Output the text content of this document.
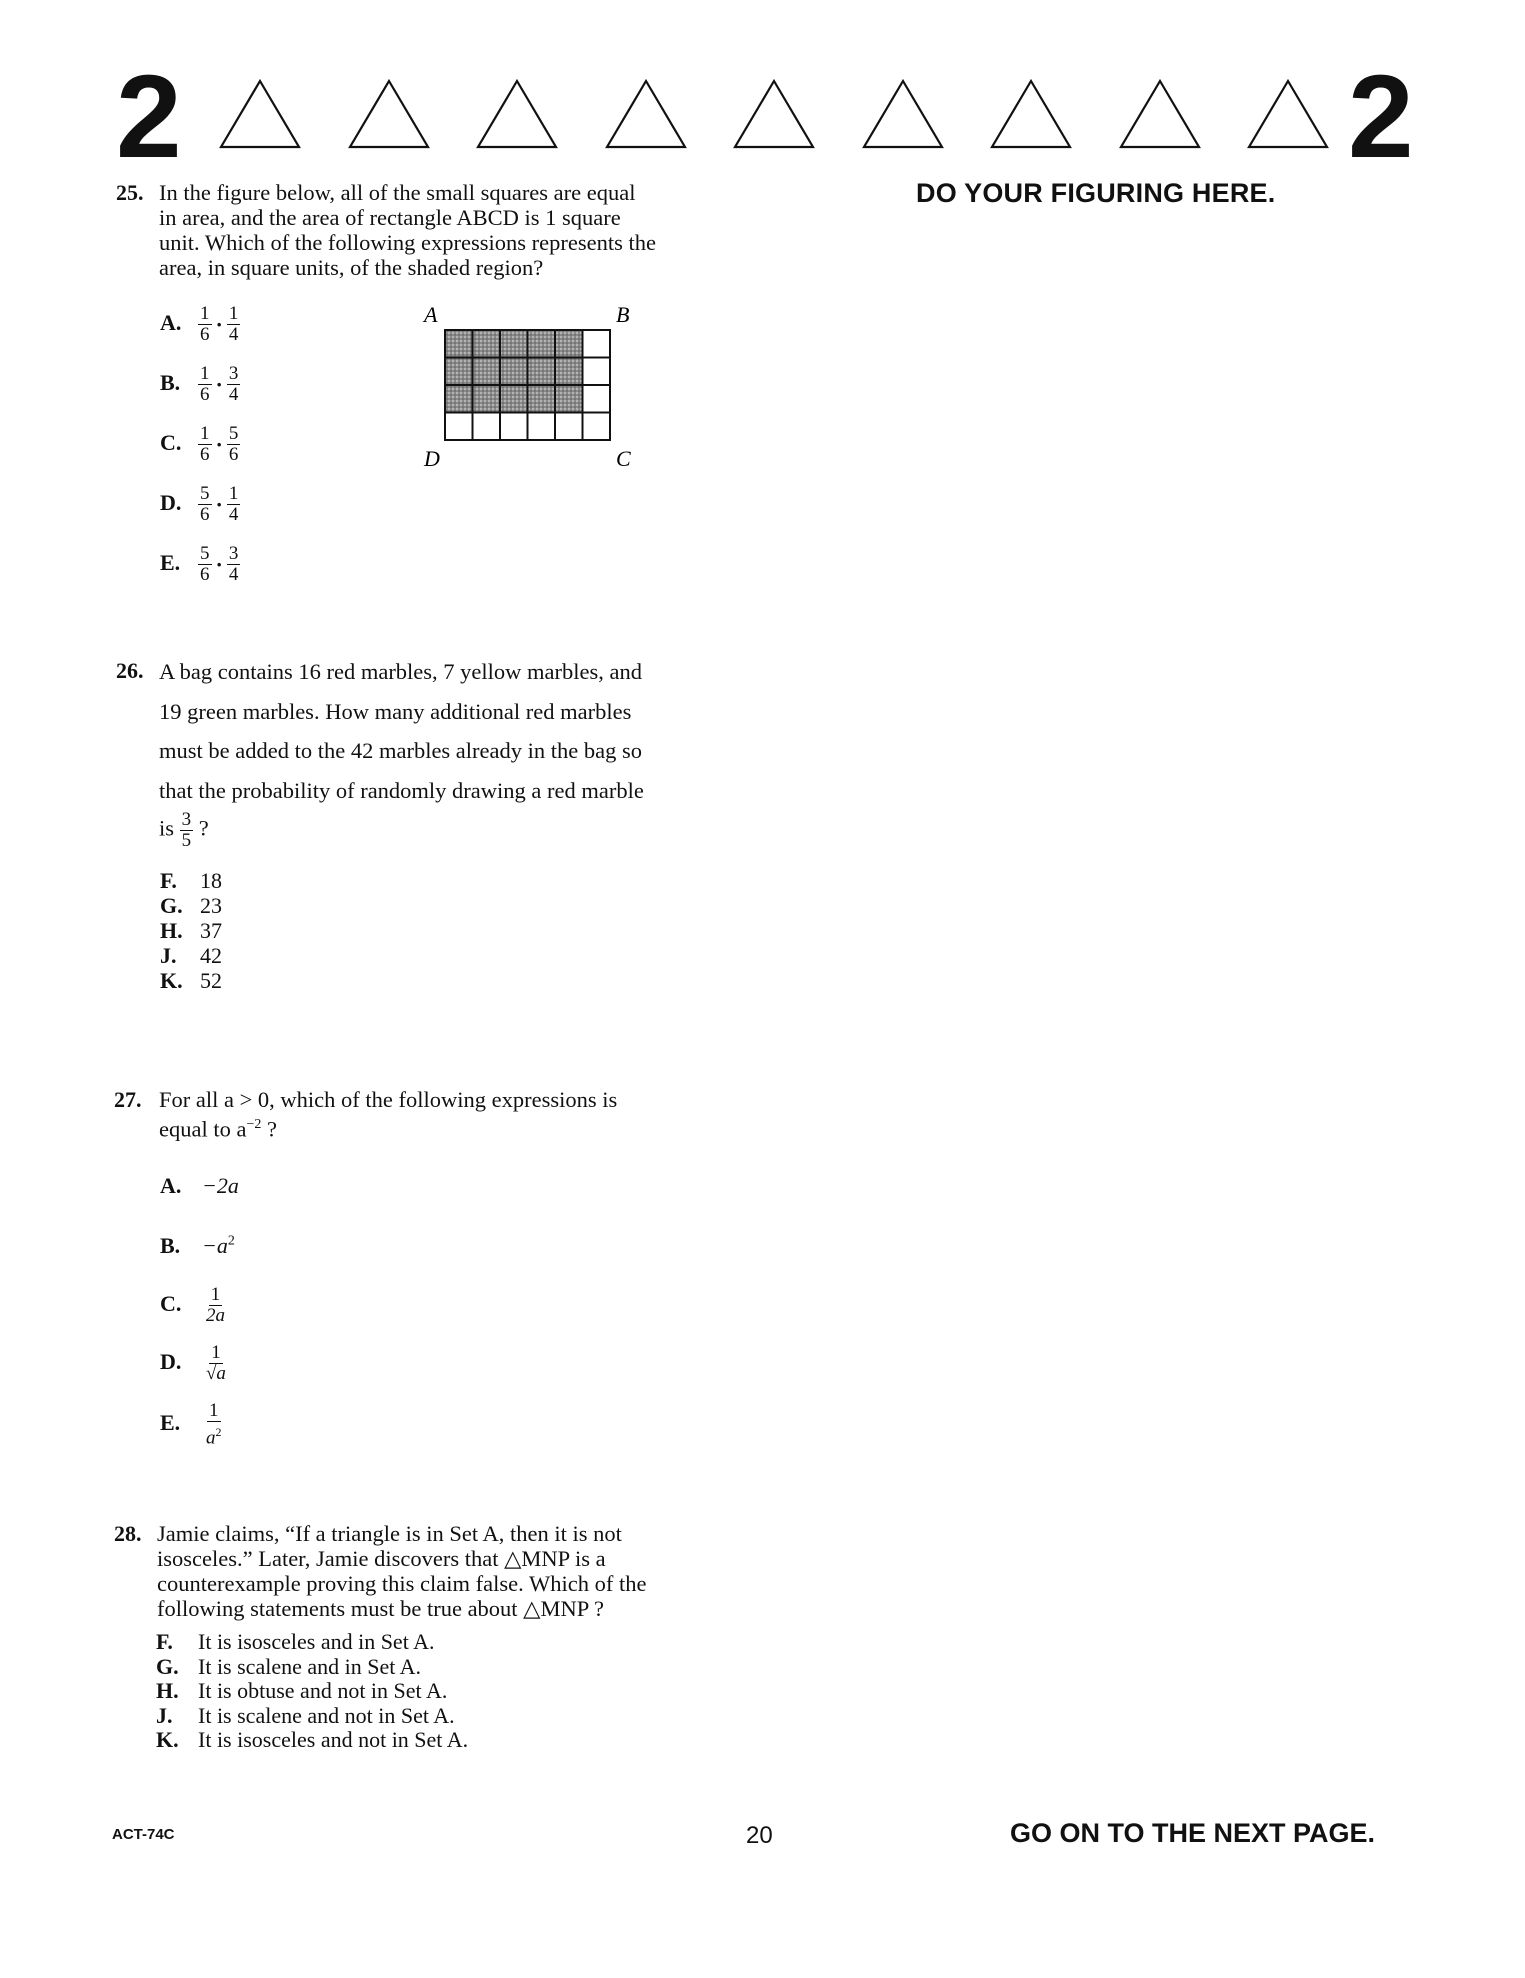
2	2
DO YOUR FIGURING HERE.
25. In the figure below, all of the small squares are equal
in area, and the area of rectangle ABCD is 1 square
unit. Which of the following expressions represents the
area, in square units, of the shaded region?
A. $\frac{1}{6} \cdot \frac{1}{4}$
B. $\frac{1}{6} \cdot \frac{3}{4}$
C. $\frac{1}{6} \cdot \frac{5}{6}$
D. $\frac{5}{6} \cdot \frac{1}{4}$
E. $\frac{5}{6} \cdot \frac{3}{4}$
A	B
D	C
26. A bag contains 16 red marbles, 7 yellow marbles, and
19 green marbles. How many additional red marbles
must be added to the 42 marbles already in the bag so
that the probability of randomly drawing a red marble
is $\frac{3}{5}$ ?
F. 18
G. 23
H. 37
J. 42
K. 52
27. For all a > 0, which of the following expressions is
equal to $a^{-2}$ ?
A. −2a
B. $-a^2$
C. $\frac{1}{2a}$
D. $\frac{1}{√a}$
E. $\frac{1}{a^2}$
28. Jamie claims, “If a triangle is in Set A, then it is not
isosceles.” Later, Jamie discovers that △MNP is a
counterexample proving this claim false. Which of the
following statements must be true about △MNP ?
F. It is isosceles and in Set A.
G. It is scalene and in Set A.
H. It is obtuse and not in Set A.
J. It is scalene and not in Set A.
K. It is isosceles and not in Set A.
ACT-74C	20	GO ON TO THE NEXT PAGE.
